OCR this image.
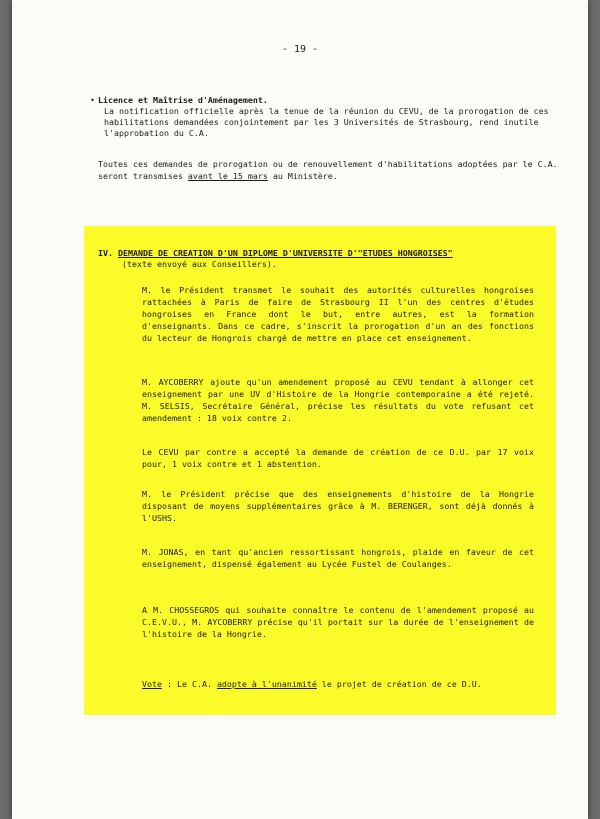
- 19 -
• Licence et Maîtrise d'Aménagement.
La notification officielle après la tenue de la réunion du CEVU, de la prorogation de ces habilitations demandées conjointement par les 3 Universités de Strasbourg, rend inutile l'approbation du C.A.
Toutes ces demandes de prorogation ou de renouvellement d'habilitations adoptées par le C.A. seront transmises avant le 15 mars au Ministère.
IV. DEMANDE DE CREATION D'UN DIPLOME D'UNIVERSITE D'"ETUDES HONGROISES"
(texte envoyé aux Conseillers).
M. le Président transmet le souhait des autorités culturelles hongroises rattachées à Paris de faire de Strasbourg II l'un des centres d'études hongroises en France dont le but, entre autres, est la formation d'enseignants. Dans ce cadre, s'inscrit la prorogation d'un an des fonctions du lecteur de Hongrois chargé de mettre en place cet enseignement.
M. AYCOBERRY ajoute qu'un amendement proposé au CEVU tendant à allonger cet enseignement par une UV d'Histoire de la Hongrie contemporaine a été rejeté. M. SELSIS, Secrétaire Général, précise les résultats du vote refusant cet amendement : 18 voix contre 2.
Le CEVU par contre a accepté la demande de création de ce D.U. par 17 voix pour, 1 voix contre et 1 abstention.
M. le Président précise que des enseignements d'histoire de la Hongrie disposant de moyens supplémentaires grâce à M. BERENGER, sont déjà donnés à l'USHS.
M. JONAS, en tant qu'ancien ressortissant hongrois, plaide en faveur de cet enseignement, dispensé également au Lycée Fustel de Coulanges.
A M. CHOSSEGROS qui souhaite connaître le contenu de l'amendement proposé au C.E.V.U., M. AYCOBERRY précise qu'il portait sur la durée de l'enseignement de l'histoire de la Hongrie.
Vote : Le C.A. adopte à l'unanimité le projet de création de ce D.U.
